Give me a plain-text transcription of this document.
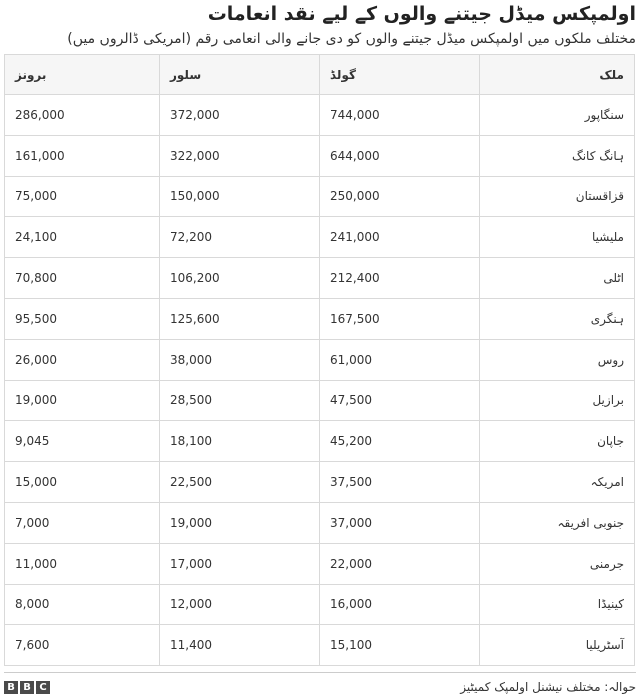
اولمپکس میڈل جیتنے والوں کے لیے نقد انعامات
مختلف ملکوں میں اولمپکس میڈل جیتنے والوں کو دی جانے والی انعامی رقم (امریکی ڈالروں میں)
ملک	گولڈ	سلور	برونز
سنگاپور	744,000	372,000	286,000
ہانگ کانگ	644,000	322,000	161,000
قزاقستان	250,000	150,000	75,000
ملیشیا	241,000	72,200	24,100
اٹلی	212,400	106,200	70,800
ہنگری	167,500	125,600	95,500
روس	61,000	38,000	26,000
برازیل	47,500	28,500	19,000
جاپان	45,200	18,100	9,045
امریکہ	37,500	22,500	15,000
جنوبی افریقہ	37,000	19,000	7,000
جرمنی	22,000	17,000	11,000
کینیڈا	16,000	12,000	8,000
آسٹریلیا	15,100	11,400	7,600
حوالہ: مختلف نیشنل اولمپک کمیٹیز
B B C
